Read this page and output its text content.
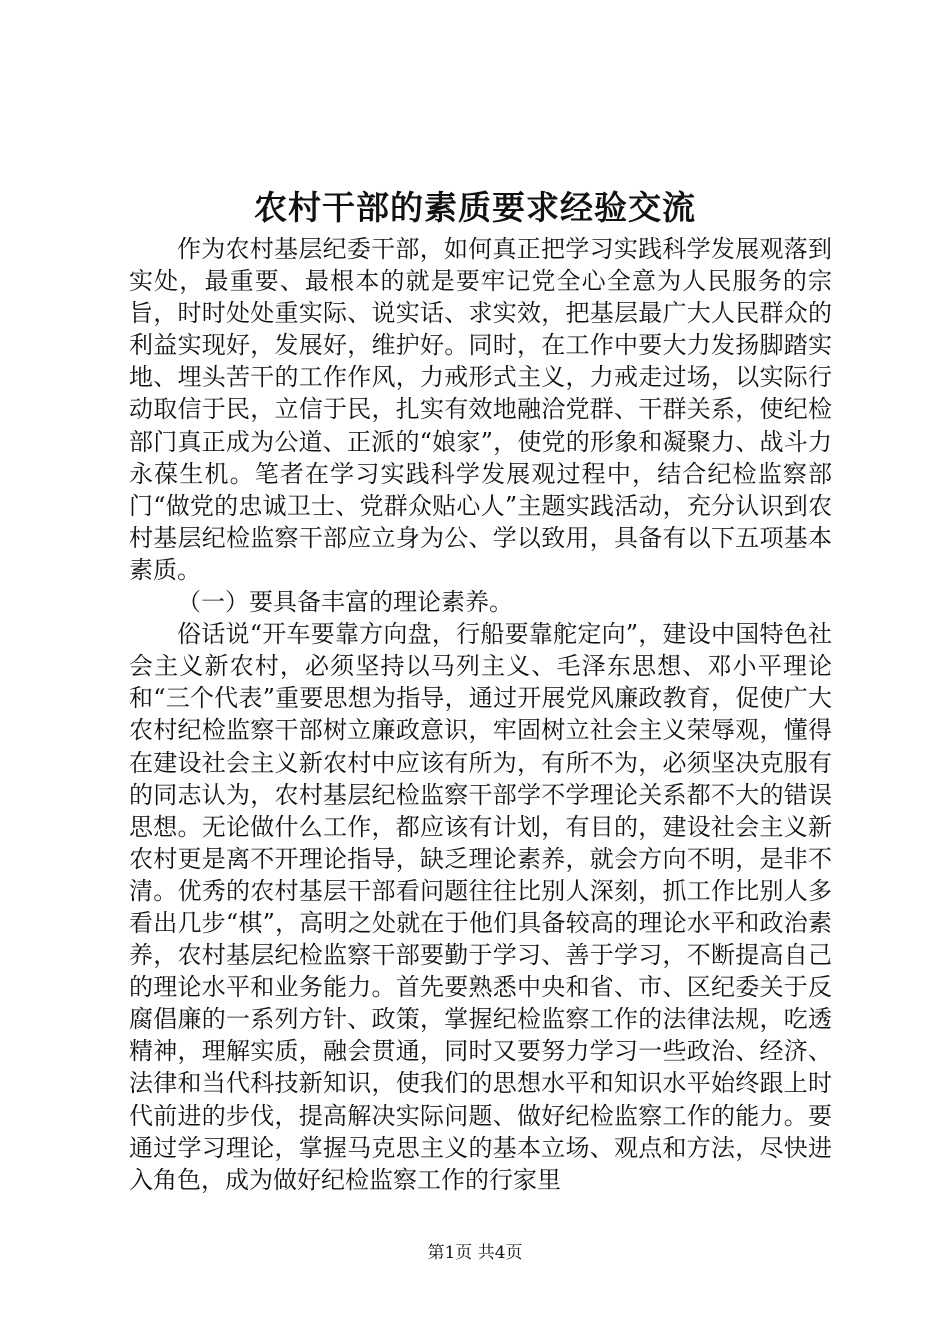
农村干部的素质要求经验交流

作为农村基层纪委干部，如何真正把学习实践科学发展观落到实处，最重要、最根本的就是要牢记党全心全意为人民服务的宗旨，时时处处重实际、说实话、求实效，把基层最广大人民群众的利益实现好，发展好，维护好。同时，在工作中要大力发扬脚踏实地、埋头苦干的工作作风，力戒形式主义，力戒走过场，以实际行动取信于民，立信于民，扎实有效地融洽党群、干群关系，使纪检部门真正成为公道、正派的“娘家”，使党的形象和凝聚力、战斗力永葆生机。笔者在学习实践科学发展观过程中，结合纪检监察部门“做党的忠诚卫士、党群众贴心人”主题实践活动，充分认识到农村基层纪检监察干部应立身为公、学以致用，具备有以下五项基本素质。

（一）要具备丰富的理论素养。

俗话说“开车要靠方向盘，行船要靠舵定向”，建设中国特色社会主义新农村，必须坚持以马列主义、毛泽东思想、邓小平理论和“三个代表”重要思想为指导，通过开展党风廉政教育，促使广大农村纪检监察干部树立廉政意识，牢固树立社会主义荣辱观，懂得在建设社会主义新农村中应该有所为，有所不为，必须坚决克服有的同志认为，农村基层纪检监察干部学不学理论关系都不大的错误思想。无论做什么工作，都应该有计划，有目的，建设社会主义新农村更是离不开理论指导，缺乏理论素养，就会方向不明，是非不清。优秀的农村基层干部看问题往往比别人深刻，抓工作比别人多看出几步“棋”，高明之处就在于他们具备较高的理论水平和政治素养，农村基层纪检监察干部要勤于学习、善于学习，不断提高自己的理论水平和业务能力。首先要熟悉中央和省、市、区纪委关于反腐倡廉的一系列方针、政策，掌握纪检监察工作的法律法规，吃透精神，理解实质，融会贯通，同时又要努力学习一些政治、经济、法律和当代科技新知识，使我们的思想水平和知识水平始终跟上时代前进的步伐，提高解决实际问题、做好纪检监察工作的能力。要通过学习理论，掌握马克思主义的基本立场、观点和方法，尽快进入角色，成为做好纪检监察工作的行家里

第1页 共4页
